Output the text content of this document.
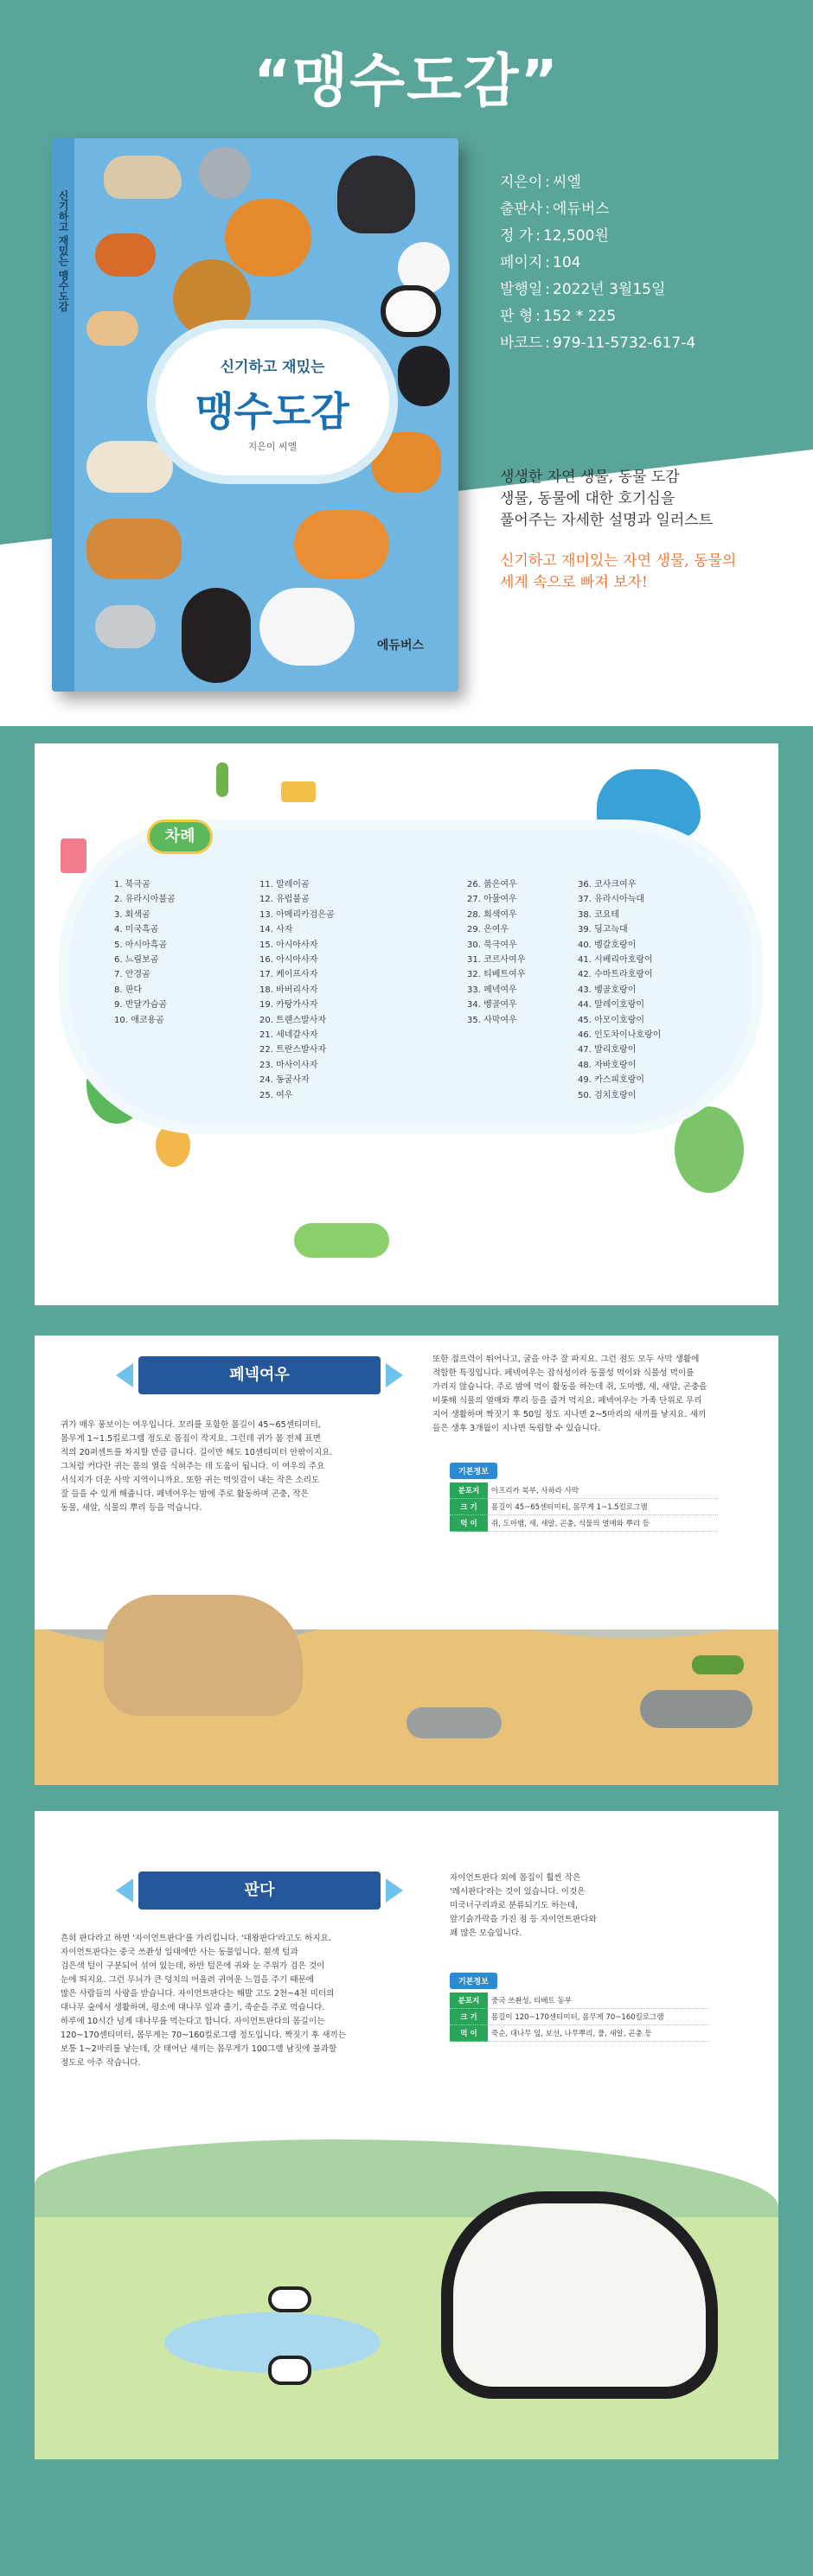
“맹수도감”
신기하고 재밌는 맹수도감
신기하고 재밌는
맹수도감
지은이 씨엘
에듀버스
지은이 : 씨엘
출판사 : 에듀버스
정 가 : 12,500원
페이지 : 104
발행일 : 2022년 3월15일
판 형 : 152 * 225
바코드 : 979-11-5732-617-4

생생한 자연 생물, 동물 도감

생물, 동물에 대한 호기심을

풀어주는 자세한 설명과 일러스트

신기하고 재미있는 자연 생물, 동물의

세계 속으로 빠져 보자!

차례
1. 북극곰
2. 유라시아불곰
3. 회색곰
4. 미국흑곰
5. 아시아흑곰
6. 느림보곰
7. 안경곰
8. 판다
9. 반달가슴곰
10. 애코용곰
11. 말레이곰
12. 유럽불곰
13. 아메리카검은곰
14. 사자
15. 아시아사자
16. 아시아사자
17. 케이프사자
18. 바버리사자
19. 카탕가사자
20. 트랜스발사자
21. 세네갈사자
22. 트란스발사자
23. 마사이사자
24. 동굴사자
25. 여우
26. 붉은여우
27. 아뮬여우
28. 회색여우
29. 은여우
30. 북극여우
31. 코르사여우
32. 티베트여우
33. 페넥여우
34. 벵골여우
35. 사막여우
36. 코사크여우
37. 유라시아늑대
38. 코요테
39. 딩고늑대
40. 벵갈호랑이
41. 시베리아호랑이
42. 수마트라호랑이
43. 벵골호랑이
44. 말레이호랑이
45. 아모이호랑이
46. 인도차이나호랑이
47. 발리호랑이
48. 자바호랑이
49. 카스피호랑이
50. 검치호랑이
페넥여우
귀가 매우 풍보이는 여우입니다. 꼬리를 포함한 몸길이 45~65센티미터,
몸무게 1~1.5킬로그램 정도로 몸집이 작지요. 그런데 귀가 몸 전체 표면
적의 20퍼센트를 차지할 만큼 큽니다. 길이만 해도 10센티미터 안팎이지요.
그처럼 커다란 귀는 몸의 열을 식혀주는 데 도움이 됩니다. 이 여우의 주요
서식지가 더운 사막 지역이니까요. 또한 귀는 먹잇감이 내는 작은 소리도
잘 들을 수 있게 해줍니다. 페넥여우는 밤에 주로 활동하며 곤충, 작은
동물, 새알, 식물의 뿌리 등을 먹습니다.
또한 접프력이 뛰어나고, 굴을 아주 잘 파지요. 그런 점도 모두 사막 생활에
적합한 특징입니다. 페넥여우는 잡식성이라 동물성 먹이와 식물성 먹이를
가리지 않습니다. 주로 밤에 먹이 활동을 하는데 쥐, 도마뱀, 새, 새알, 곤충을
비롯해 식물의 열매와 뿌리 등을 즐겨 먹지요. 페넥여우는 가족 단위로 무리
지어 생활하며 짝짓기 후 50일 정도 지나면 2~5마리의 새끼를 낳지요. 새끼
들은 생후 3개월이 지나면 독립할 수 있습니다.
기본정보
분포지	아프리카 북부, 사하라 사막
크 기	몸길이 45~65센티미터, 몸무게 1~1.5킬로그램
먹 이	쥐, 도마뱀, 새, 새알, 곤충, 식물의 열매와 뿌리 등
판다
흔히 판다라고 하면 '자이언트판다'를 가리킵니다. '대왕판다'라고도 하지요.
자이언트판다는 중국 쓰촨성 일대에만 사는 동물입니다. 흰색 털과
검은색 털이 구분되어 섞여 있는데, 하반 털은에 귀와 눈 주위가 검은 것이
눈에 띄지요. 그런 무늬가 큰 덩치의 어울려 귀여운 느낌을 주기 때문에
많은 사람들의 사랑을 받습니다. 자이언트판다는 해발 고도 2천~4천 미터의
대나무 숲에서 생활하며, 평소에 대나무 잎과 줄기, 죽순을 주로 먹습니다.
하루에 10시간 넘게 대나무를 먹는다고 합니다. 자이언트판다의 몸길이는
120~170센티미터, 몸무게는 70~160킬로그램 정도입니다. 짝짓기 후 새끼는
보통 1~2마리를 낳는데, 갓 태어난 새끼는 몸무게가 100그램 남짓에 불과할
정도로 아주 작습니다.
자이언트판다 외에 몸집이 훨씬 작은
'레서판다'라는 것이 있습니다. 이것은
미국너구리과로 분류되기도 하는데,
앞기슭가락을 가진 점 등 자이언트판다와
꽤 많은 모습입니다.
기본정보
분포지	중국 쓰촨성, 티베트 동부
크 기	몸길이 120~170센티미터, 몸무게 70~160킬로그램
먹 이	죽순, 대나무 잎, 보선, 나무뿌리, 풀, 새알, 곤충 등
